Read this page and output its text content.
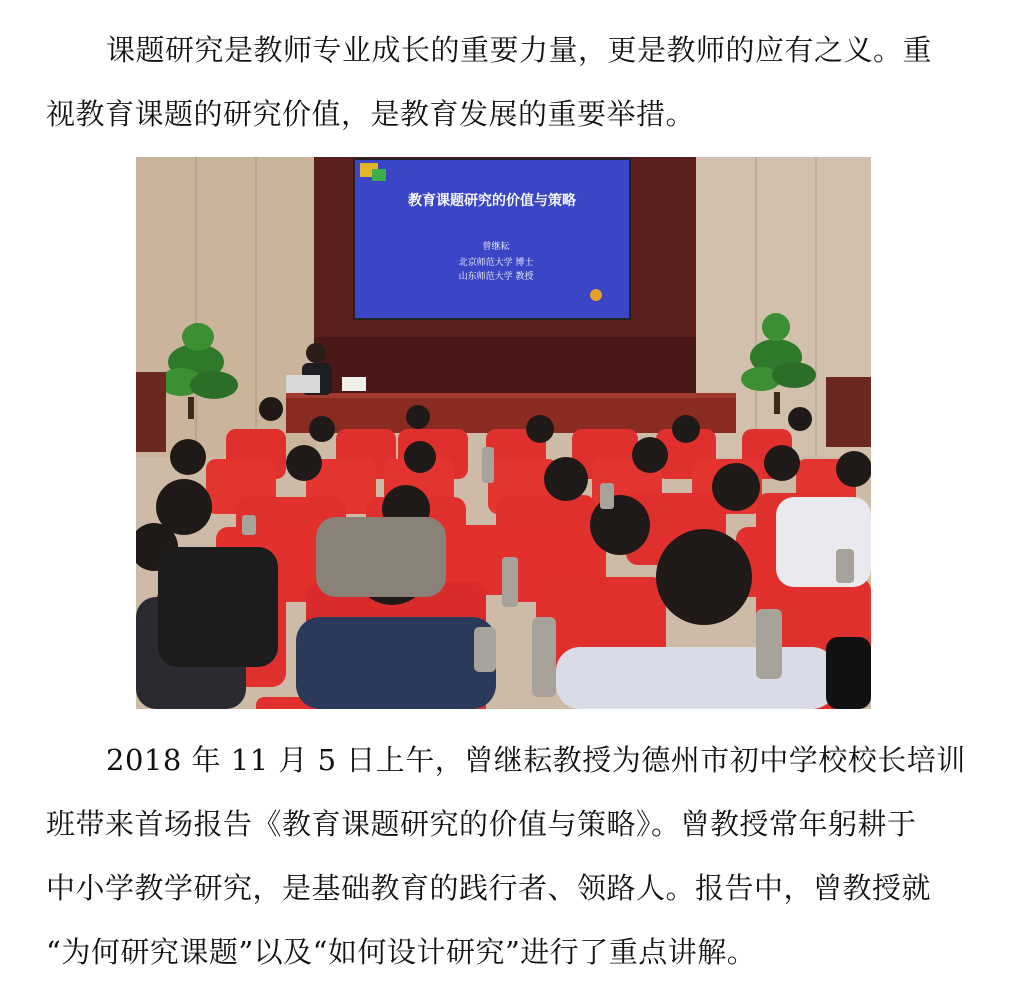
课题研究是教师专业成长的重要力量，更是教师的应有之义。重
视教育课题的研究价值，是教育发展的重要举措。

教育课题研究的价值与策略
曾继耘
北京师范大学 博士
山东师范大学 教授

2018 年 11 月 5 日上午，曾继耘教授为德州市初中学校校长培训
班带来首场报告《教育课题研究的价值与策略》。曾教授常年躬耕于
中小学教学研究，是基础教育的践行者、领路人。报告中，曾教授就
“为何研究课题”以及“如何设计研究”进行了重点讲解。
